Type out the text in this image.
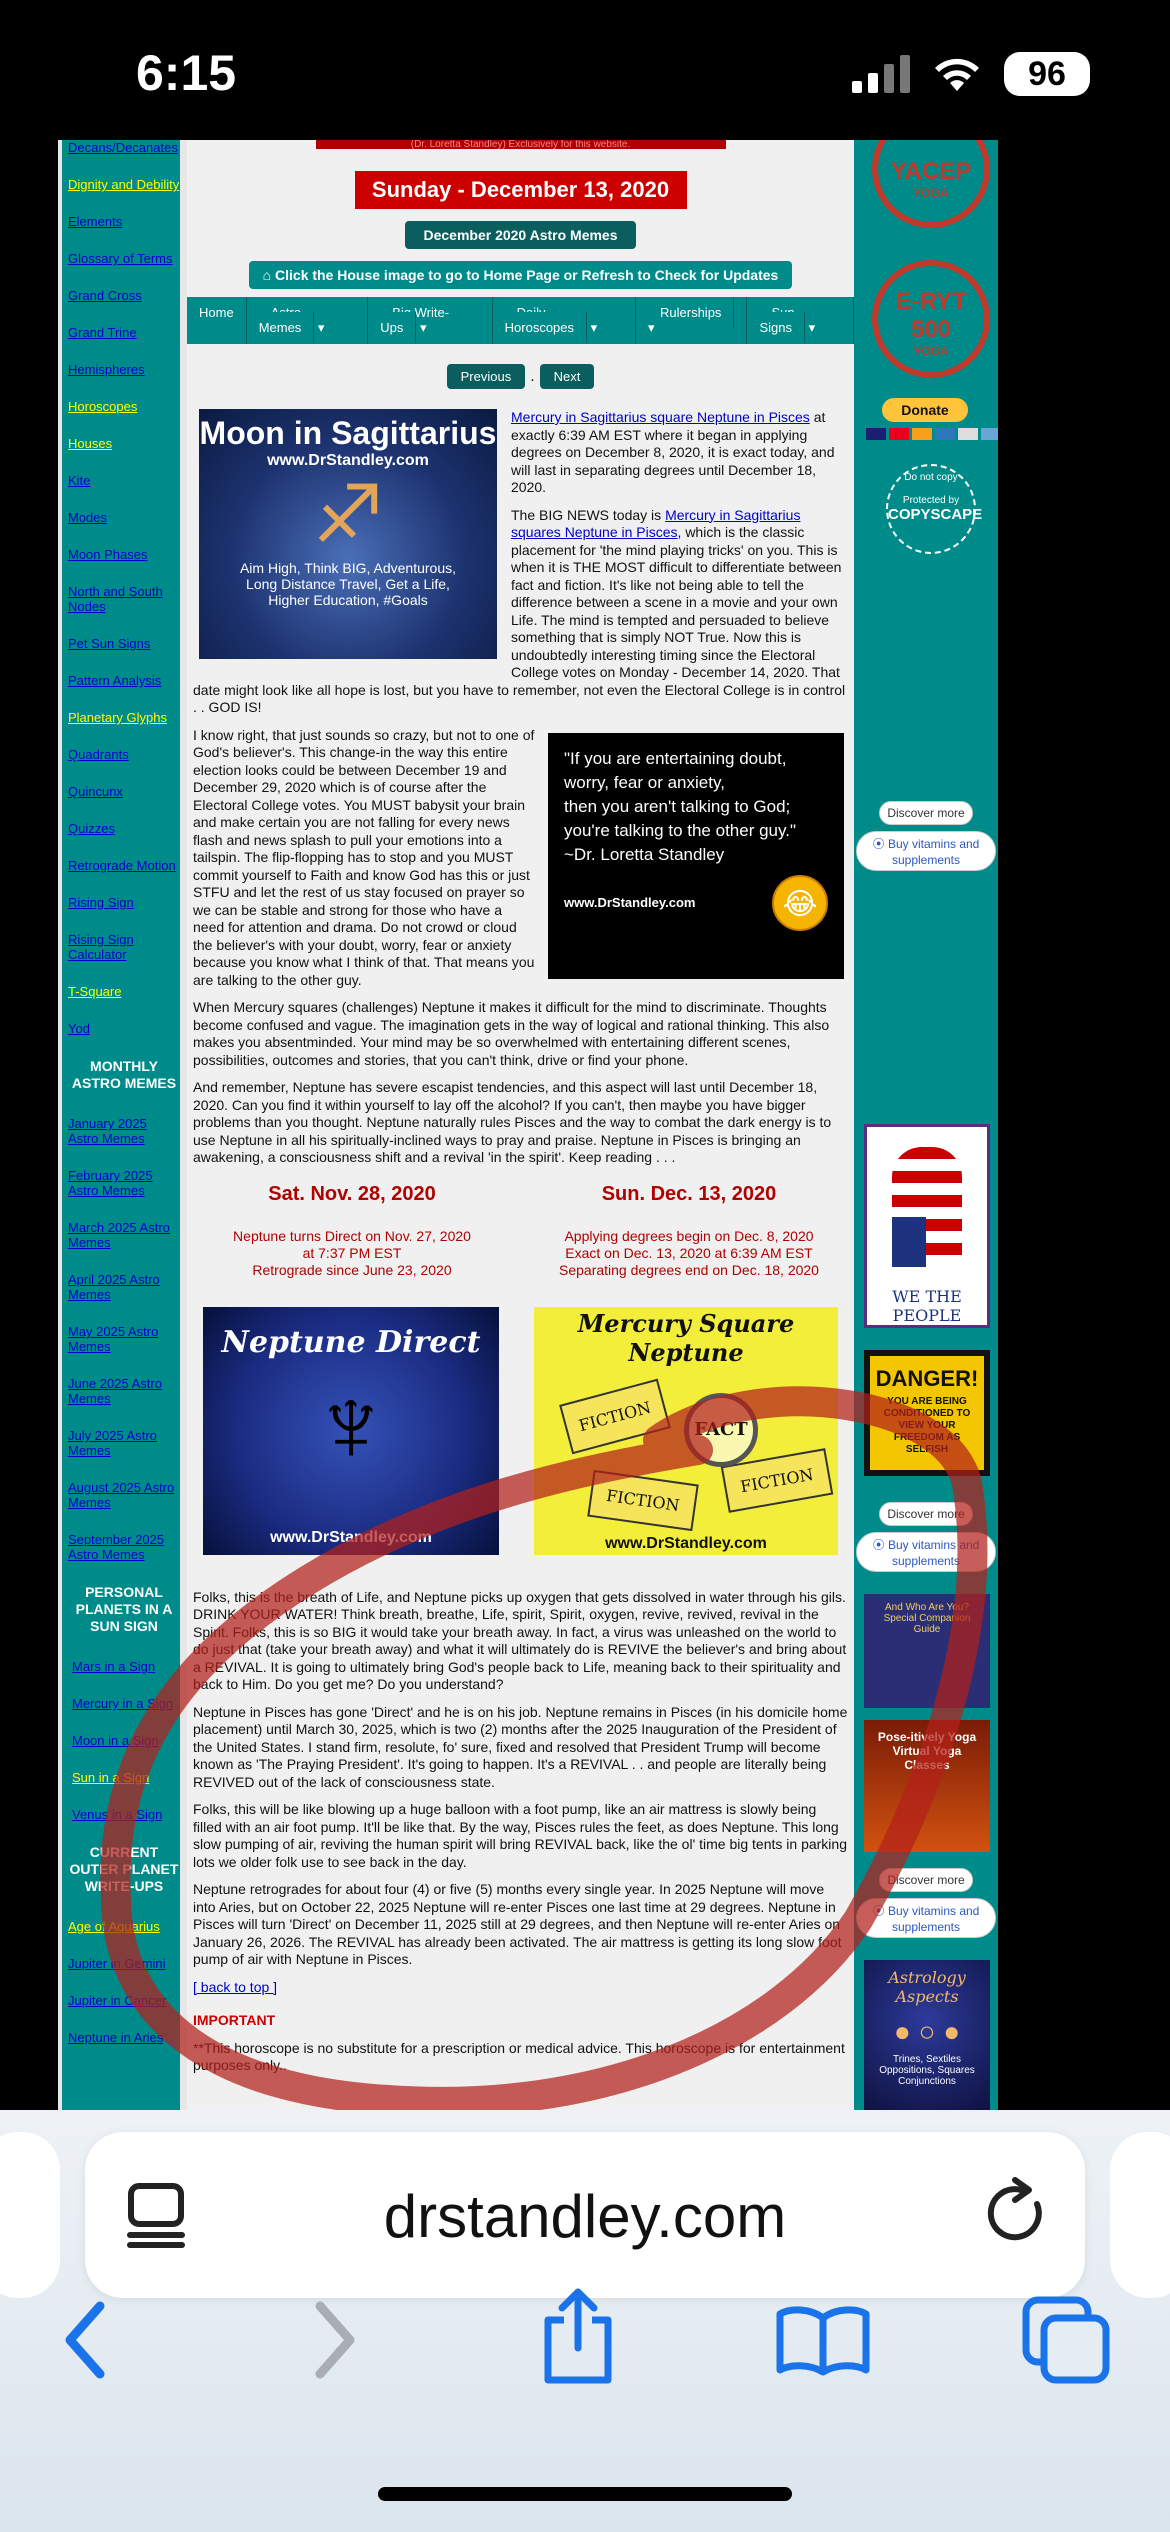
6:15	96
Decans/Decanates
Dignity and Debility
Elements
Glossary of Terms
Grand Cross
Grand Trine
Hemispheres
Horoscopes
Houses
Kite
Modes
Moon Phases
North and South Nodes
Pet Sun Signs
Pattern Analysis
Planetary Glyphs
Quadrants
Quincunx
Quizzes
Retrograde Motion
Rising Sign
Rising Sign Calculator
T-Square
Yod
MONTHLY ASTRO MEMES
January 2025 Astro Memes
February 2025 Astro Memes
March 2025 Astro Memes
April 2025 Astro Memes
May 2025 Astro Memes
June 2025 Astro Memes
July 2025 Astro Memes
August 2025 Astro Memes
September 2025 Astro Memes
PERSONAL PLANETS IN A SUN SIGN
Mars in a Sign
Mercury in a Sign
Moon in a Sign
Sun in a Sign
Venus in a Sign
CURRENT OUTER PLANET WRITE-UPS
Age of Aquarius
Jupiter in Gemini
Jupiter in Cancer
Neptune in Aries
(Dr. Loretta Standley) Exclusively for this website.
Sunday - December 13, 2020
December 2020 Astro Memes
⌂ Click the House image to go to Home Page or Refresh to Check for Updates
Home	Astro Memes ▾
Big Write-Ups ▾
Daily Horoscopes ▾
Rulerships ▾
Sun Signs ▾
Previous . Next
Moon in Sagittarius
www.DrStandley.com
♐
Aim High, Think BIG, Adventurous,
Long Distance Travel, Get a Life,
Higher Education, #Goals

Mercury in Sagittarius square Neptune in Pisces at exactly 6:39 AM EST where it began in applying degrees on December 8, 2020, it is exact today, and will last in separating degrees until December 18, 2020.

The BIG NEWS today is Mercury in Sagittarius squares Neptune in Pisces, which is the classic placement for 'the mind playing tricks' on you. This is when it is THE MOST difficult to differentiate between fact and fiction. It's like not being able to tell the difference between a scene in a movie and your own Life. The mind is tempted and persuaded to believe something that is simply NOT True. Now this is undoubtedly interesting timing since the Electoral College votes on Monday - December 14, 2020. That date might look like all hope is lost, but you have to remember, not even the Electoral College is in control . . GOD IS!

"If you are entertaining doubt,
worry, fear or anxiety,
then you aren't talking to God;
you're talking to the other guy."
~Dr. Loretta Standley
www.DrStandley.com	😂

I know right, that just sounds so crazy, but not to one of God's believer's. This change-in the way this entire election looks could be between December 19 and December 29, 2020 which is of course after the Electoral College votes. You MUST babysit your brain and make certain you are not falling for every news flash and news splash to pull your emotions into a tailspin. The flip-flopping has to stop and you MUST commit yourself to Faith and know God has this or just STFU and let the rest of us stay focused on prayer so we can be stable and strong for those who have a need for attention and drama. Do not crowd or cloud the believer's with your doubt, worry, fear or anxiety because you know what I think of that. That means you are talking to the other guy.

When Mercury squares (challenges) Neptune it makes it difficult for the mind to discriminate. Thoughts become confused and vague. The imagination gets in the way of logical and rational thinking. This also makes you absentminded. Your mind may be so overwhelmed with entertaining different scenes, possibilities, outcomes and stories, that you can't think, drive or find your phone.

And remember, Neptune has severe escapist tendencies, and this aspect will last until December 18, 2020. Can you find it within yourself to lay off the alcohol? If you can't, then maybe you have bigger problems than you thought. Neptune naturally rules Pisces and the way to combat the dark energy is to use Neptune in all his spiritually-inclined ways to pray and praise. Neptune in Pisces is bringing an awakening, a consciousness shift and a revival 'in the spirit'. Keep reading . . .

Sat. Nov. 28, 2020
Neptune turns Direct on Nov. 27, 2020
at 7:37 PM EST
Retrograde since June 23, 2020
Sun. Dec. 13, 2020
Applying degrees begin on Dec. 8, 2020
Exact on Dec. 13, 2020 at 6:39 AM EST
Separating degrees end on Dec. 18, 2020
Neptune Direct
♆
www.DrStandley.com
Mercury Square Neptune
FICTION
FICTION
FICTION
FACT
www.DrStandley.com

Folks, this is the breath of Life, and Neptune picks up oxygen that gets dissolved in water through his gils. DRINK YOUR WATER! Think breath, breathe, Life, spirit, Spirit, oxygen, revive, revived, revival in the Spirit. Folks, this is so BIG it would take your breath away. In fact, a virus was unleashed on the world to do just that (take your breath away) and what it will ultimately do is REVIVE the believer's and bring about a REVIVAL. It is going to ultimately bring God's people back to Life, meaning back to their spirituality and back to Him. Do you get me? Do you understand?

Neptune in Pisces has gone 'Direct' and he is on his job. Neptune remains in Pisces (in his domicile home placement) until March 30, 2025, which is two (2) months after the 2025 Inauguration of the President of the United States. I stand firm, resolute, fo' sure, fixed and resolved that President Trump will become known as 'The Praying President'. It's going to happen. It's a REVIVAL . . and people are literally being REVIVED out of the lack of consciousness state.

Folks, this will be like blowing up a huge balloon with a foot pump, like an air mattress is slowly being filled with an air foot pump. It'll be like that. By the way, Pisces rules the feet, as does Neptune. This long slow pumping of air, reviving the human spirit will bring REVIVAL back, like the ol' time big tents in parking lots we older folk use to see back in the day.

Neptune retrogrades for about four (4) or five (5) months every single year. In 2025 Neptune will move into Aries, but on October 22, 2025 Neptune will re-enter Pisces one last time at 29 degrees. Neptune in Pisces will turn 'Direct' on December 11, 2025 still at 29 degrees, and then Neptune will re-enter Aries on January 26, 2026. The REVIVAL has already been activated. The air mattress is getting its long slow foot pump of air with Neptune in Pisces.

[ back to top ]

IMPORTANT

**This horoscope is no substitute for a prescription or medical advice. This horoscope is for entertainment purposes only..

YACEP
YOGA
E-RYT
500
YOGA
Donate
Do not copy
Protected by
COPYSCAPE
Discover more
⦿ Buy vitamins and supplements
WE THE PEOPLE
DANGER!
YOU ARE BEING CONDITIONED TO VIEW YOUR FREEDOM AS SELFISH
Discover more
⦿ Buy vitamins and supplements
And Who Are You? Special Companion Guide
Pose-itively Yoga Virtual Yoga Classes
Discover more
⦿ Buy vitamins and supplements
Astrology Aspects
● ○ ●
Trines, Sextiles Oppositions, Squares Conjunctions
drstandley.com
